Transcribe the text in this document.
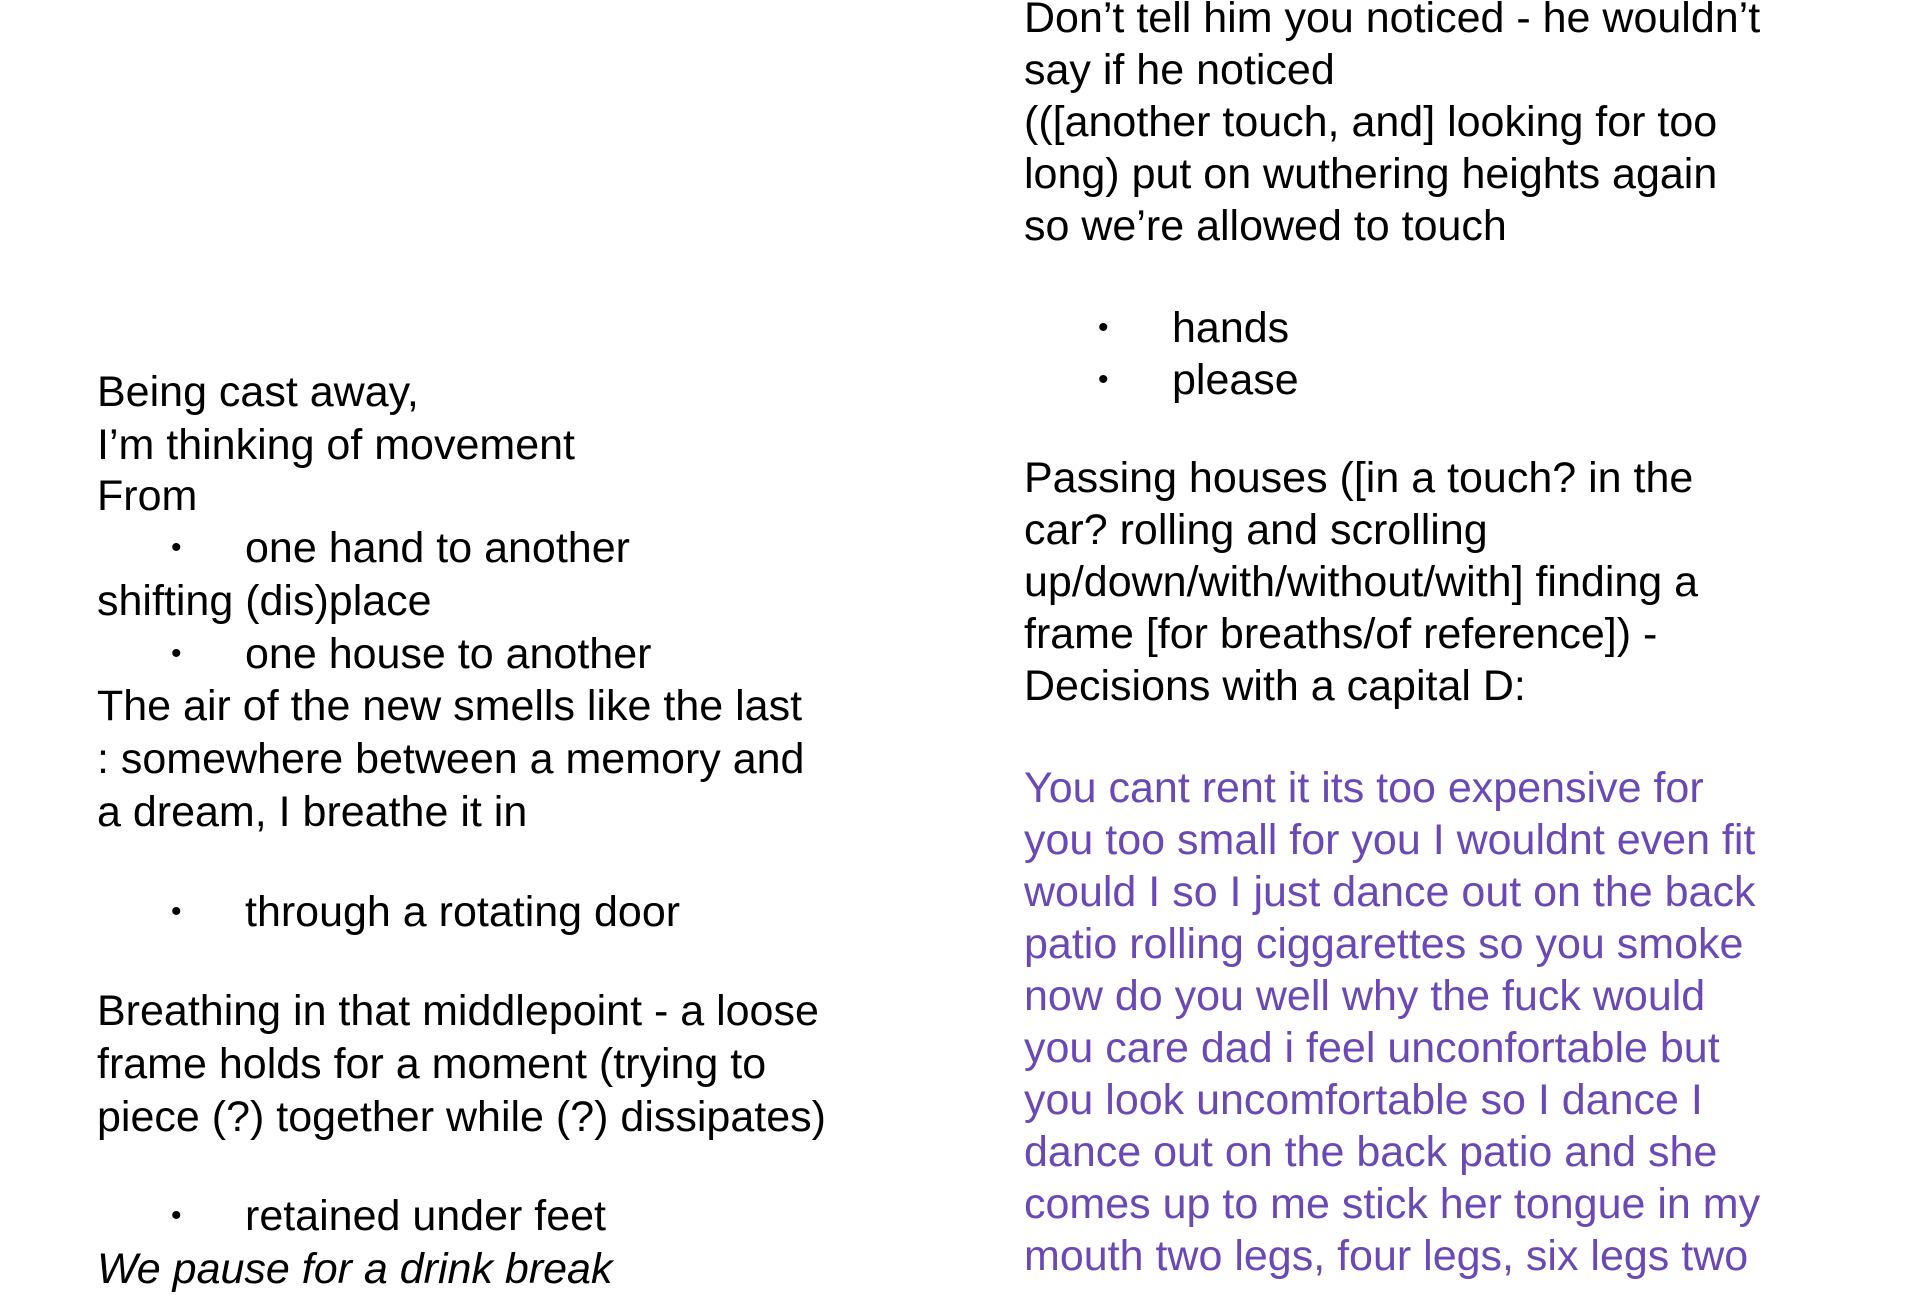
Being cast away,
I’m thinking of movement
From
• one hand to another
shifting (dis)place
• one house to another
The air of the new smells like the last
: somewhere between a memory and
a dream, I breathe it in
• through a rotating door
Breathing in that middlepoint - a loose
frame holds for a moment (trying to
piece (?) together while (?) dissipates)
• retained under feet
We pause for a drink break
Don’t tell him you noticed - he wouldn’t
say if he noticed
(([another touch, and] looking for too
long) put on wuthering heights again
so we’re allowed to touch
• hands
• please
Passing houses ([in a touch? in the
car? rolling and scrolling
up/down/with/without/with] finding a
frame [for breaths/of reference]) -
Decisions with a capital D:
You cant rent it its too expensive for
you too small for you I wouldnt even fit
would I so I just dance out on the back
patio rolling ciggarettes so you smoke
now do you well why the fuck would
you care dad i feel unconfortable but
you look uncomfortable so I dance I
dance out on the back patio and she
comes up to me stick her tongue in my
mouth two legs, four legs, six legs two
